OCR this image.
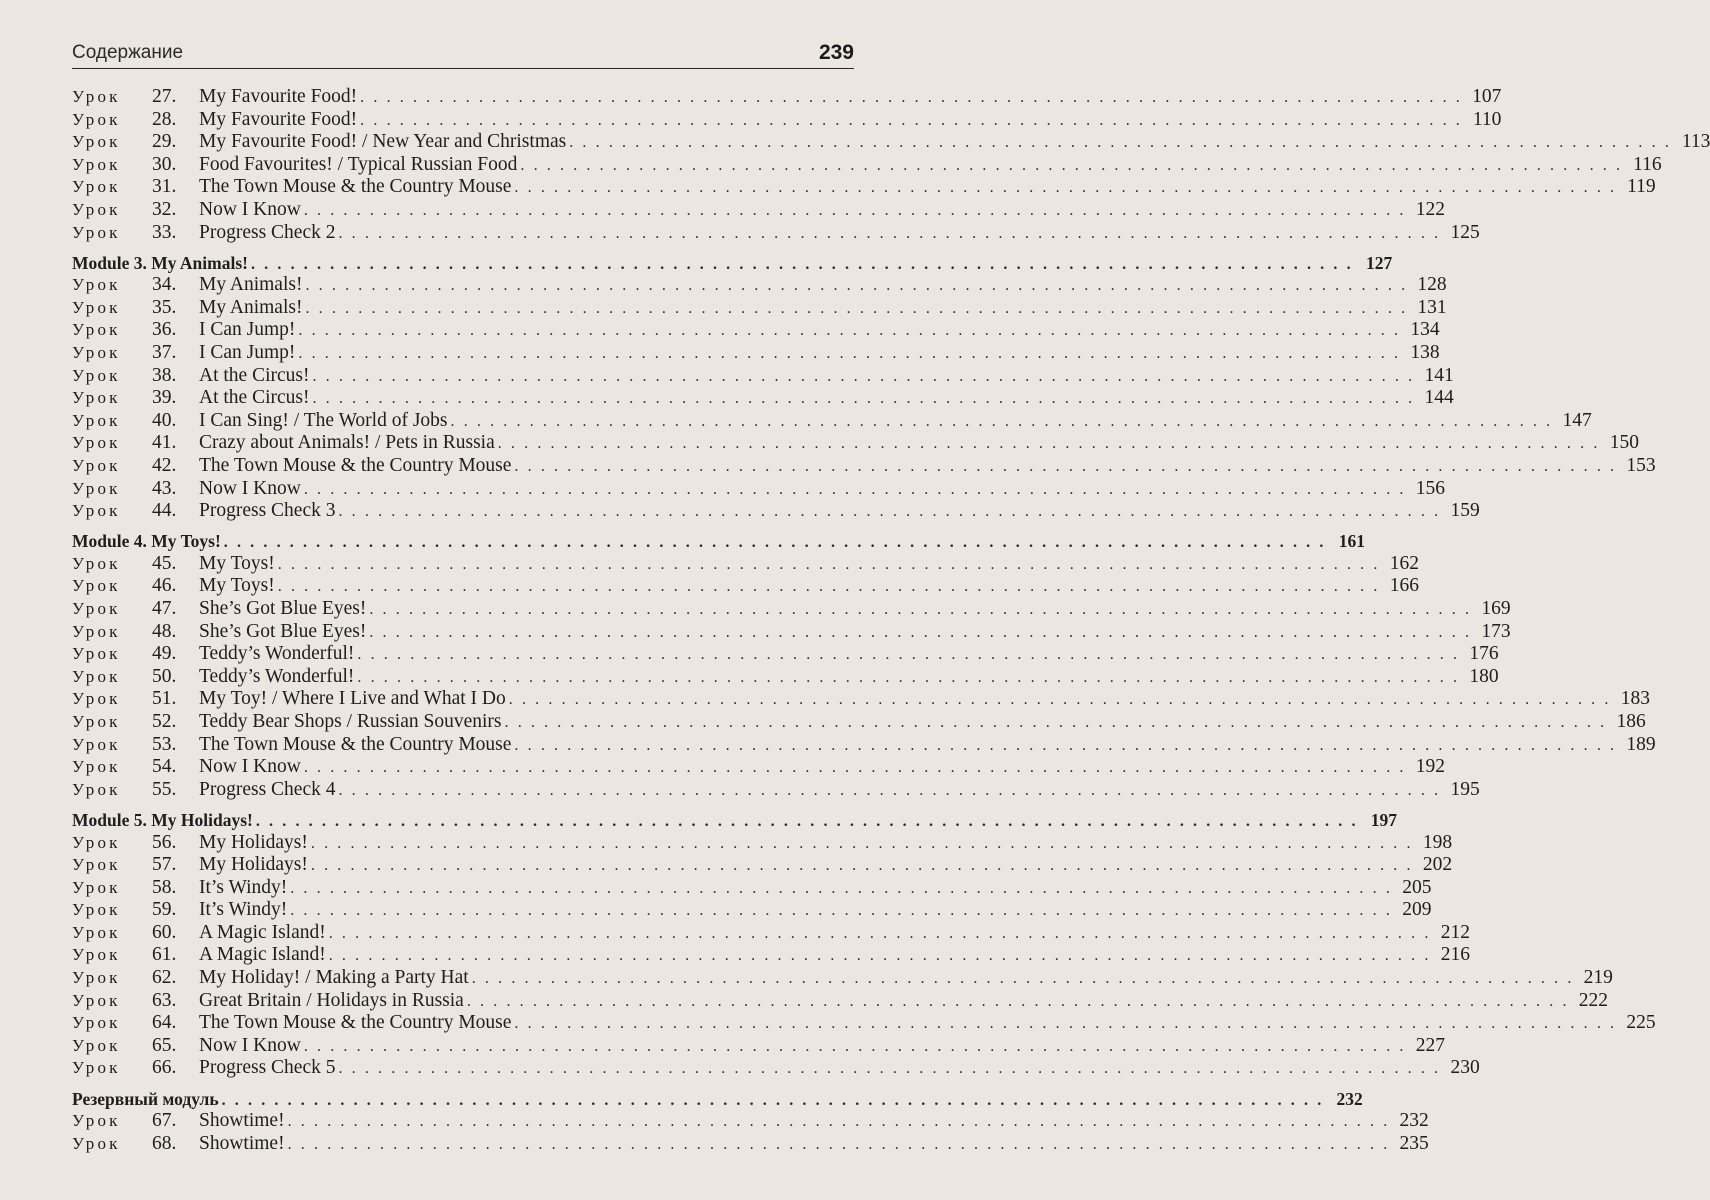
Содержание	239
Урок	27.	My Favourite Food! . . . . . . . . . . . . . . . . . . . . . . . . . . . . . . . . . . . . . . . . . . . . . . . . . . . . . . . . . . . . . . . . . . . . . . . . . . . . . . . . . . . . 107
Урок	28.	My Favourite Food! . . . . . . . . . . . . . . . . . . . . . . . . . . . . . . . . . . . . . . . . . . . . . . . . . . . . . . . . . . . . . . . . . . . . . . . . . . . . . . . . . . . . 110
Урок	29.	My Favourite Food! / New Year and Christmas . . . . . . . . . . . . . . . . . . . . . . . . . . . . . . . . . . . . . . . . . . . . . . . . . . . . . . . . . . . . . . . . . . . . . . . . . . . . . . . . . . . . 113
Урок	30.	Food Favourites! / Typical Russian Food . . . . . . . . . . . . . . . . . . . . . . . . . . . . . . . . . . . . . . . . . . . . . . . . . . . . . . . . . . . . . . . . . . . . . . . . . . . . . . . . . . . . 116
Урок	31.	The Town Mouse & the Country Mouse . . . . . . . . . . . . . . . . . . . . . . . . . . . . . . . . . . . . . . . . . . . . . . . . . . . . . . . . . . . . . . . . . . . . . . . . . . . . . . . . . . . . 119
Урок	32.	Now I Know . . . . . . . . . . . . . . . . . . . . . . . . . . . . . . . . . . . . . . . . . . . . . . . . . . . . . . . . . . . . . . . . . . . . . . . . . . . . . . . . . . . . 122
Урок	33.	Progress Check 2 . . . . . . . . . . . . . . . . . . . . . . . . . . . . . . . . . . . . . . . . . . . . . . . . . . . . . . . . . . . . . . . . . . . . . . . . . . . . . . . . . . . . 125
Module 3. My Animals! . . . . . . . . . . . . . . . . . . . . . . . . . . . . . . . . . . . . . . . . . . . . . . . . . . . . . . . . . . . . . . . . . . . . . . . . . . . . . . . . . . . . 127
Урок	34.	My Animals! . . . . . . . . . . . . . . . . . . . . . . . . . . . . . . . . . . . . . . . . . . . . . . . . . . . . . . . . . . . . . . . . . . . . . . . . . . . . . . . . . . . . 128
Урок	35.	My Animals! . . . . . . . . . . . . . . . . . . . . . . . . . . . . . . . . . . . . . . . . . . . . . . . . . . . . . . . . . . . . . . . . . . . . . . . . . . . . . . . . . . . . 131
Урок	36.	I Can Jump! . . . . . . . . . . . . . . . . . . . . . . . . . . . . . . . . . . . . . . . . . . . . . . . . . . . . . . . . . . . . . . . . . . . . . . . . . . . . . . . . . . . . 134
Урок	37.	I Can Jump! . . . . . . . . . . . . . . . . . . . . . . . . . . . . . . . . . . . . . . . . . . . . . . . . . . . . . . . . . . . . . . . . . . . . . . . . . . . . . . . . . . . . 138
Урок	38.	At the Circus! . . . . . . . . . . . . . . . . . . . . . . . . . . . . . . . . . . . . . . . . . . . . . . . . . . . . . . . . . . . . . . . . . . . . . . . . . . . . . . . . . . . . 141
Урок	39.	At the Circus! . . . . . . . . . . . . . . . . . . . . . . . . . . . . . . . . . . . . . . . . . . . . . . . . . . . . . . . . . . . . . . . . . . . . . . . . . . . . . . . . . . . . 144
Урок	40.	I Can Sing! / The World of Jobs . . . . . . . . . . . . . . . . . . . . . . . . . . . . . . . . . . . . . . . . . . . . . . . . . . . . . . . . . . . . . . . . . . . . . . . . . . . . . . . . . . . . 147
Урок	41.	Crazy about Animals! / Pets in Russia . . . . . . . . . . . . . . . . . . . . . . . . . . . . . . . . . . . . . . . . . . . . . . . . . . . . . . . . . . . . . . . . . . . . . . . . . . . . . . . . . . . . 150
Урок	42.	The Town Mouse & the Country Mouse . . . . . . . . . . . . . . . . . . . . . . . . . . . . . . . . . . . . . . . . . . . . . . . . . . . . . . . . . . . . . . . . . . . . . . . . . . . . . . . . . . . . 153
Урок	43.	Now I Know . . . . . . . . . . . . . . . . . . . . . . . . . . . . . . . . . . . . . . . . . . . . . . . . . . . . . . . . . . . . . . . . . . . . . . . . . . . . . . . . . . . . 156
Урок	44.	Progress Check 3 . . . . . . . . . . . . . . . . . . . . . . . . . . . . . . . . . . . . . . . . . . . . . . . . . . . . . . . . . . . . . . . . . . . . . . . . . . . . . . . . . . . . 159
Module 4. My Toys! . . . . . . . . . . . . . . . . . . . . . . . . . . . . . . . . . . . . . . . . . . . . . . . . . . . . . . . . . . . . . . . . . . . . . . . . . . . . . . . . . . . . 161
Урок	45.	My Toys! . . . . . . . . . . . . . . . . . . . . . . . . . . . . . . . . . . . . . . . . . . . . . . . . . . . . . . . . . . . . . . . . . . . . . . . . . . . . . . . . . . . . 162
Урок	46.	My Toys! . . . . . . . . . . . . . . . . . . . . . . . . . . . . . . . . . . . . . . . . . . . . . . . . . . . . . . . . . . . . . . . . . . . . . . . . . . . . . . . . . . . . 166
Урок	47.	She’s Got Blue Eyes! . . . . . . . . . . . . . . . . . . . . . . . . . . . . . . . . . . . . . . . . . . . . . . . . . . . . . . . . . . . . . . . . . . . . . . . . . . . . . . . . . . . . 169
Урок	48.	She’s Got Blue Eyes! . . . . . . . . . . . . . . . . . . . . . . . . . . . . . . . . . . . . . . . . . . . . . . . . . . . . . . . . . . . . . . . . . . . . . . . . . . . . . . . . . . . . 173
Урок	49.	Teddy’s Wonderful! . . . . . . . . . . . . . . . . . . . . . . . . . . . . . . . . . . . . . . . . . . . . . . . . . . . . . . . . . . . . . . . . . . . . . . . . . . . . . . . . . . . . 176
Урок	50.	Teddy’s Wonderful! . . . . . . . . . . . . . . . . . . . . . . . . . . . . . . . . . . . . . . . . . . . . . . . . . . . . . . . . . . . . . . . . . . . . . . . . . . . . . . . . . . . . 180
Урок	51.	My Toy! / Where I Live and What I Do . . . . . . . . . . . . . . . . . . . . . . . . . . . . . . . . . . . . . . . . . . . . . . . . . . . . . . . . . . . . . . . . . . . . . . . . . . . . . . . . . . . . 183
Урок	52.	Teddy Bear Shops / Russian Souvenirs . . . . . . . . . . . . . . . . . . . . . . . . . . . . . . . . . . . . . . . . . . . . . . . . . . . . . . . . . . . . . . . . . . . . . . . . . . . . . . . . . . . . 186
Урок	53.	The Town Mouse & the Country Mouse . . . . . . . . . . . . . . . . . . . . . . . . . . . . . . . . . . . . . . . . . . . . . . . . . . . . . . . . . . . . . . . . . . . . . . . . . . . . . . . . . . . . 189
Урок	54.	Now I Know . . . . . . . . . . . . . . . . . . . . . . . . . . . . . . . . . . . . . . . . . . . . . . . . . . . . . . . . . . . . . . . . . . . . . . . . . . . . . . . . . . . . 192
Урок	55.	Progress Check 4 . . . . . . . . . . . . . . . . . . . . . . . . . . . . . . . . . . . . . . . . . . . . . . . . . . . . . . . . . . . . . . . . . . . . . . . . . . . . . . . . . . . . 195
Module 5. My Holidays! . . . . . . . . . . . . . . . . . . . . . . . . . . . . . . . . . . . . . . . . . . . . . . . . . . . . . . . . . . . . . . . . . . . . . . . . . . . . . . . . . . . . 197
Урок	56.	My Holidays! . . . . . . . . . . . . . . . . . . . . . . . . . . . . . . . . . . . . . . . . . . . . . . . . . . . . . . . . . . . . . . . . . . . . . . . . . . . . . . . . . . . . 198
Урок	57.	My Holidays! . . . . . . . . . . . . . . . . . . . . . . . . . . . . . . . . . . . . . . . . . . . . . . . . . . . . . . . . . . . . . . . . . . . . . . . . . . . . . . . . . . . . 202
Урок	58.	It’s Windy! . . . . . . . . . . . . . . . . . . . . . . . . . . . . . . . . . . . . . . . . . . . . . . . . . . . . . . . . . . . . . . . . . . . . . . . . . . . . . . . . . . . . 205
Урок	59.	It’s Windy! . . . . . . . . . . . . . . . . . . . . . . . . . . . . . . . . . . . . . . . . . . . . . . . . . . . . . . . . . . . . . . . . . . . . . . . . . . . . . . . . . . . . 209
Урок	60.	A Magic Island! . . . . . . . . . . . . . . . . . . . . . . . . . . . . . . . . . . . . . . . . . . . . . . . . . . . . . . . . . . . . . . . . . . . . . . . . . . . . . . . . . . . . 212
Урок	61.	A Magic Island! . . . . . . . . . . . . . . . . . . . . . . . . . . . . . . . . . . . . . . . . . . . . . . . . . . . . . . . . . . . . . . . . . . . . . . . . . . . . . . . . . . . . 216
Урок	62.	My Holiday! / Making a Party Hat . . . . . . . . . . . . . . . . . . . . . . . . . . . . . . . . . . . . . . . . . . . . . . . . . . . . . . . . . . . . . . . . . . . . . . . . . . . . . . . . . . . . 219
Урок	63.	Great Britain / Holidays in Russia . . . . . . . . . . . . . . . . . . . . . . . . . . . . . . . . . . . . . . . . . . . . . . . . . . . . . . . . . . . . . . . . . . . . . . . . . . . . . . . . . . . . 222
Урок	64.	The Town Mouse & the Country Mouse . . . . . . . . . . . . . . . . . . . . . . . . . . . . . . . . . . . . . . . . . . . . . . . . . . . . . . . . . . . . . . . . . . . . . . . . . . . . . . . . . . . . 225
Урок	65.	Now I Know . . . . . . . . . . . . . . . . . . . . . . . . . . . . . . . . . . . . . . . . . . . . . . . . . . . . . . . . . . . . . . . . . . . . . . . . . . . . . . . . . . . . 227
Урок	66.	Progress Check 5 . . . . . . . . . . . . . . . . . . . . . . . . . . . . . . . . . . . . . . . . . . . . . . . . . . . . . . . . . . . . . . . . . . . . . . . . . . . . . . . . . . . . 230
Резервный модуль . . . . . . . . . . . . . . . . . . . . . . . . . . . . . . . . . . . . . . . . . . . . . . . . . . . . . . . . . . . . . . . . . . . . . . . . . . . . . . . . . . . . 232
Урок	67.	Showtime! . . . . . . . . . . . . . . . . . . . . . . . . . . . . . . . . . . . . . . . . . . . . . . . . . . . . . . . . . . . . . . . . . . . . . . . . . . . . . . . . . . . . 232
Урок	68.	Showtime! . . . . . . . . . . . . . . . . . . . . . . . . . . . . . . . . . . . . . . . . . . . . . . . . . . . . . . . . . . . . . . . . . . . . . . . . . . . . . . . . . . . . 235
